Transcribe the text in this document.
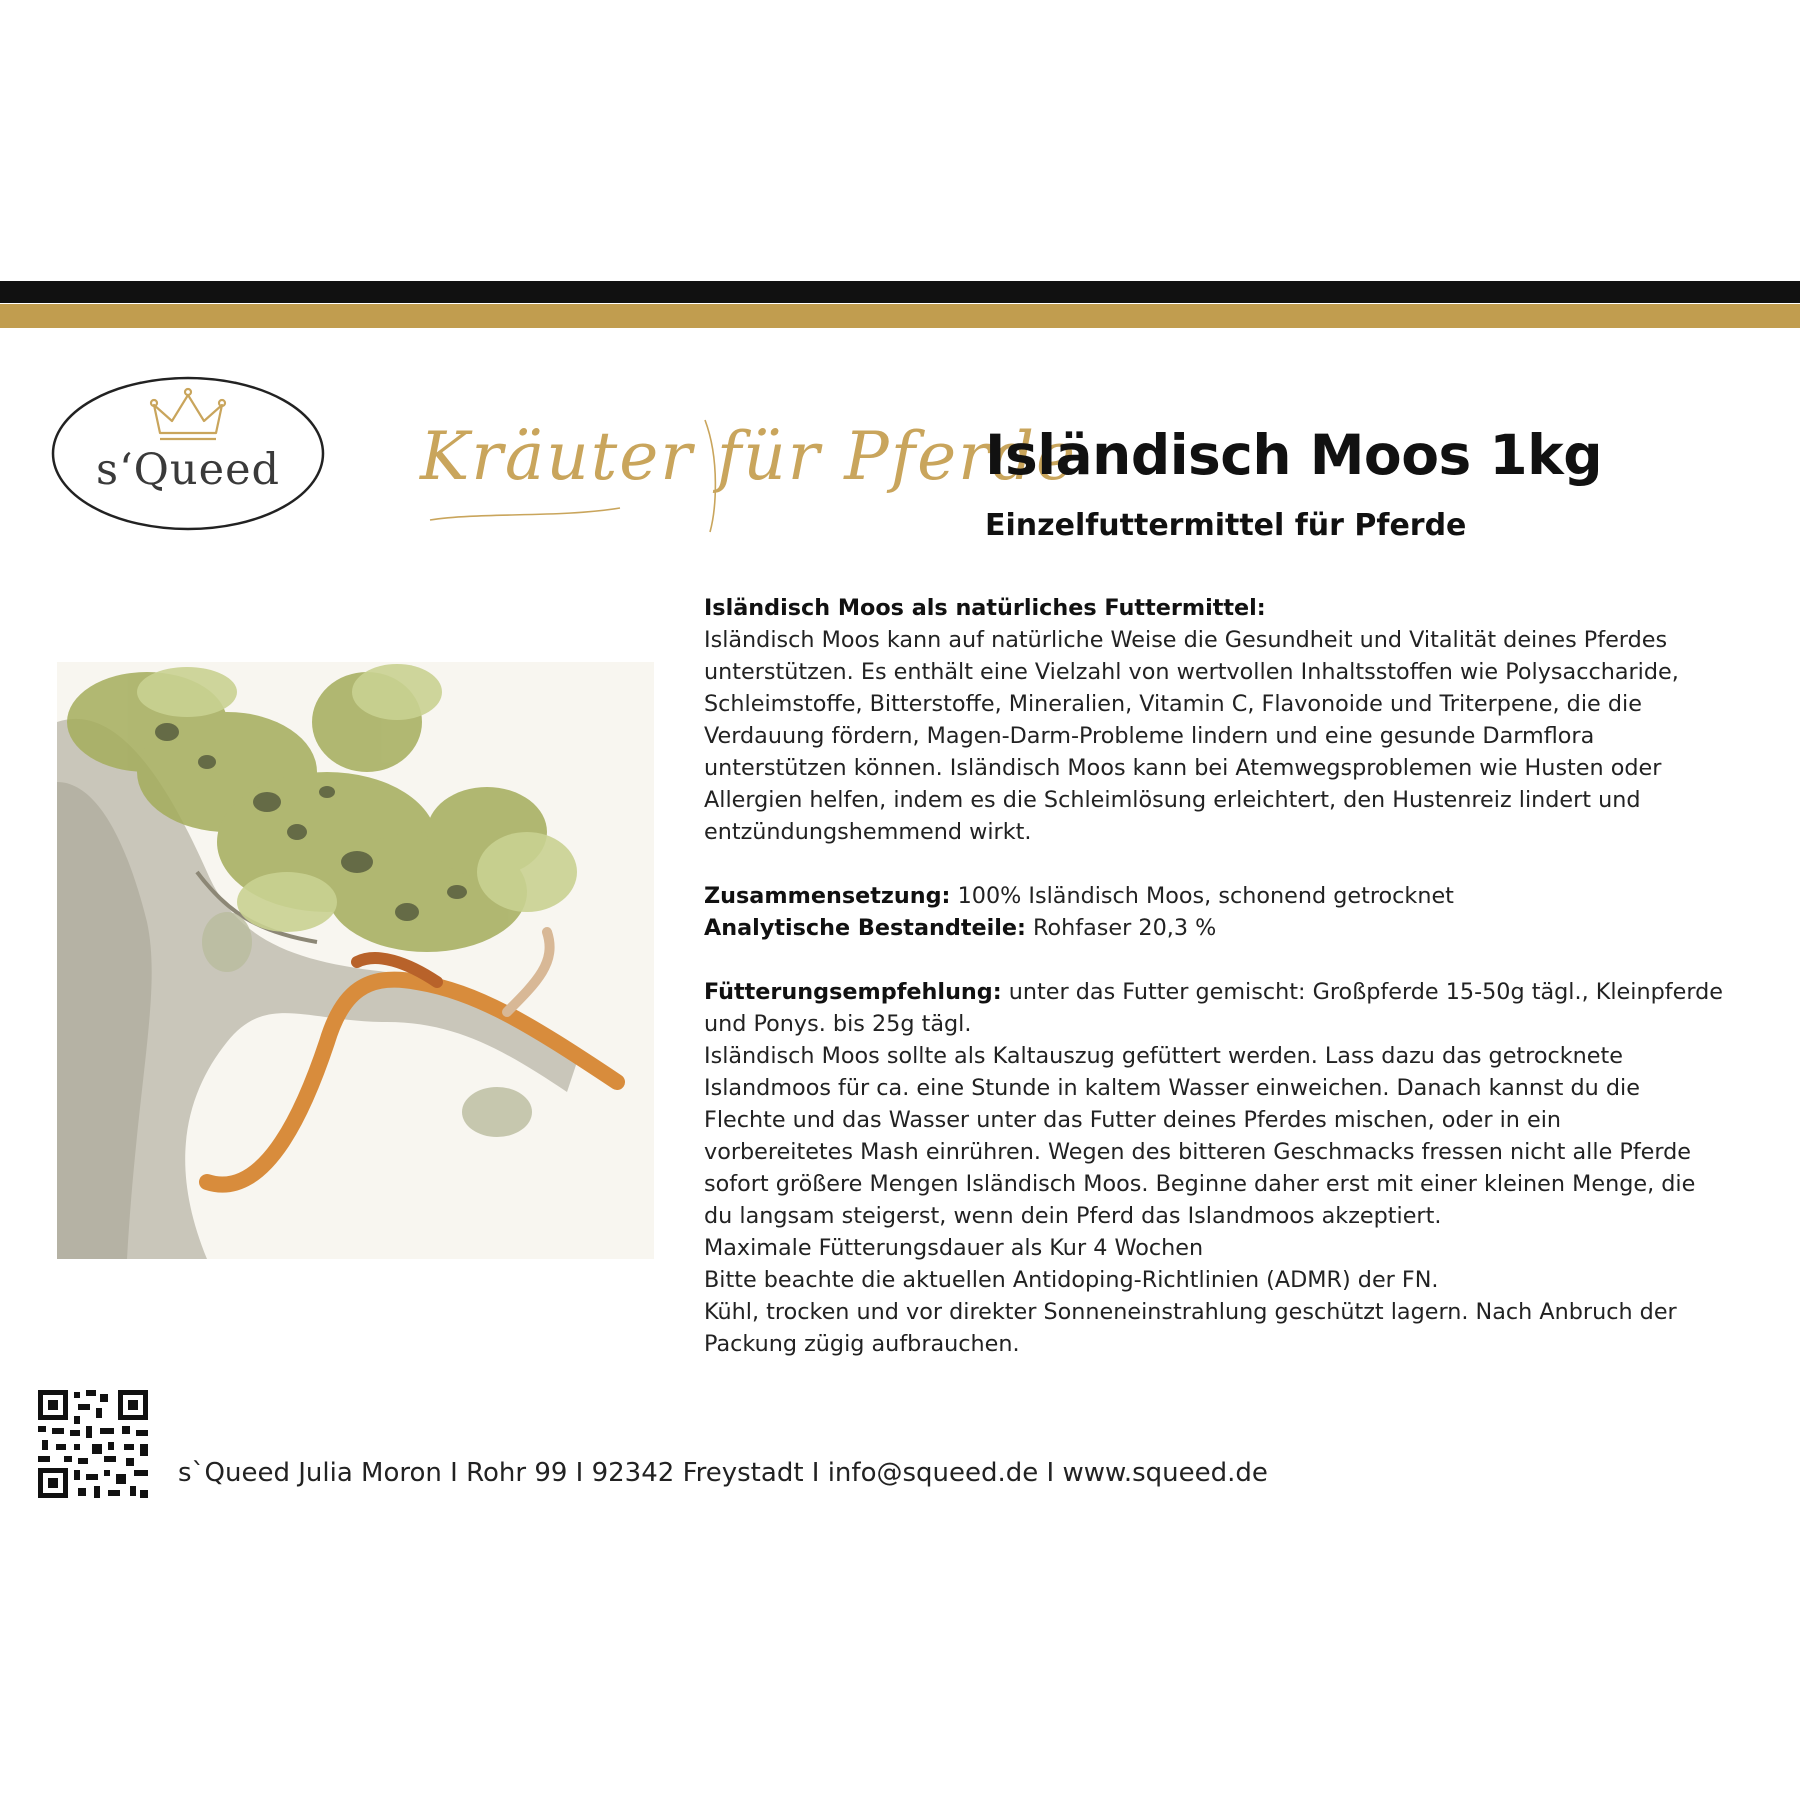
s‘Queed	Kräuter für Pferde
Isländisch Moos 1kg
Einzelfuttermittel für Pferde

Isländisch Moos als natürliches Futtermittel:

Isländisch Moos kann auf natürliche Weise die Gesundheit und Vitalität deines Pferdes

unterstützen. Es enthält eine Vielzahl von wertvollen Inhaltsstoffen wie Polysaccharide,

Schleimstoffe, Bitterstoffe, Mineralien, Vitamin C, Flavonoide und Triterpene, die die

Verdauung fördern, Magen-Darm-Probleme lindern und eine gesunde Darmflora

unterstützen können. Isländisch Moos kann bei Atemwegsproblemen wie Husten oder

Allergien helfen, indem es die Schleimlösung erleichtert, den Hustenreiz lindert und

entzündungshemmend wirkt.

Zusammensetzung: 100% Isländisch Moos, schonend getrocknet

Analytische Bestandteile: Rohfaser 20,3 %

Fütterungsempfehlung: unter das Futter gemischt: Großpferde 15-50g tägl., Kleinpferde

und Ponys. bis 25g tägl.

Isländisch Moos sollte als Kaltauszug gefüttert werden. Lass dazu das getrocknete

Islandmoos für ca. eine Stunde in kaltem Wasser einweichen. Danach kannst du die

Flechte und das Wasser unter das Futter deines Pferdes mischen, oder in ein

vorbereitetes Mash einrühren. Wegen des bitteren Geschmacks fressen nicht alle Pferde

sofort größere Mengen Isländisch Moos. Beginne daher erst mit einer kleinen Menge, die

du langsam steigerst, wenn dein Pferd das Islandmoos akzeptiert.

Maximale Fütterungsdauer als Kur 4 Wochen

Bitte beachte die aktuellen Antidoping-Richtlinien (ADMR) der FN.

Kühl, trocken und vor direkter Sonneneinstrahlung geschützt lagern. Nach Anbruch der

Packung zügig aufbrauchen.

s`Queed Julia Moron I Rohr 99 I 92342 Freystadt I info@squeed.de I www.squeed.de
